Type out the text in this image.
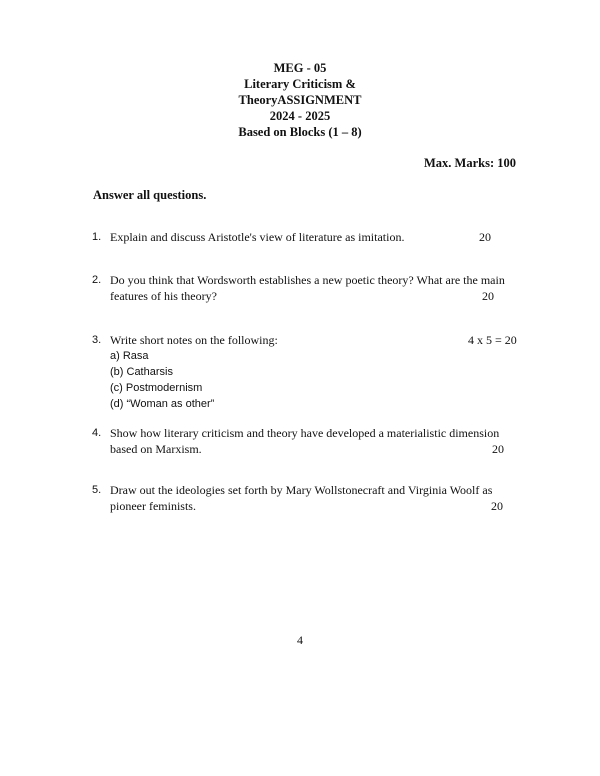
MEG - 05
Literary Criticism &
TheoryASSIGNMENT
2024 - 2025
Based on Blocks (1 – 8)
Max. Marks: 100
Answer all questions.
1. Explain and discuss Aristotle's view of literature as imitation.	20
2. Do you think that Wordsworth establishes a new poetic theory? What are the main
features of his theory?	20
3. Write short notes on the following:
a) Rasa
(b) Catharsis
(c) Postmodernism
(d) “Woman as other”
4 x 5 = 20
4. Show how literary criticism and theory have developed a materialistic dimension
based on Marxism.	20
5. Draw out the ideologies set forth by Mary Wollstonecraft and Virginia Woolf as
pioneer feminists.	20
4
